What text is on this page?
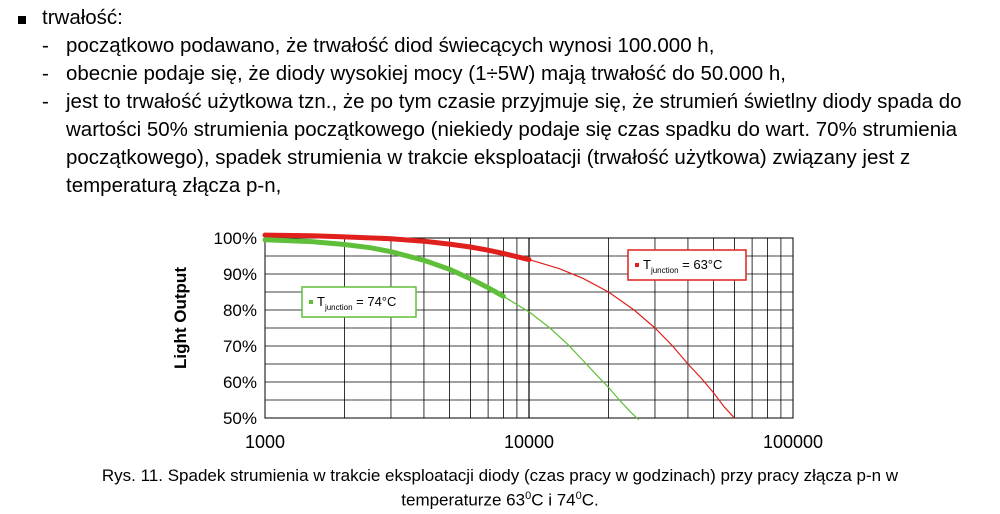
trwałość:
- początkowo podawano, że trwałość diod świecących wynosi 100.000 h,
- obecnie podaje się, że diody wysokiej mocy (1÷5W) mają trwałość do 50.000 h,
- jest to trwałość użytkowa tzn., że po tym czasie przyjmuje się, że strumień świetlny diody spada do wartości 50% strumienia początkowego (niekiedy podaje się czas spadku do wart. 70% strumienia początkowego), spadek strumienia w trakcie eksploatacji (trwałość użytkowa) związany jest z temperaturą złącza p-n,
100%
90%
80%
70%
60%
50%
1000	10000	100000
Light Output
$T_{junction} = 63^\circ C$
$T_{junction} = 74^\circ C$
Rys. 11. Spadek strumienia w trakcie eksploatacji diody (czas pracy w godzinach) przy pracy złącza p-n w
temperaturze $63^0C$ i $74^0C$.
